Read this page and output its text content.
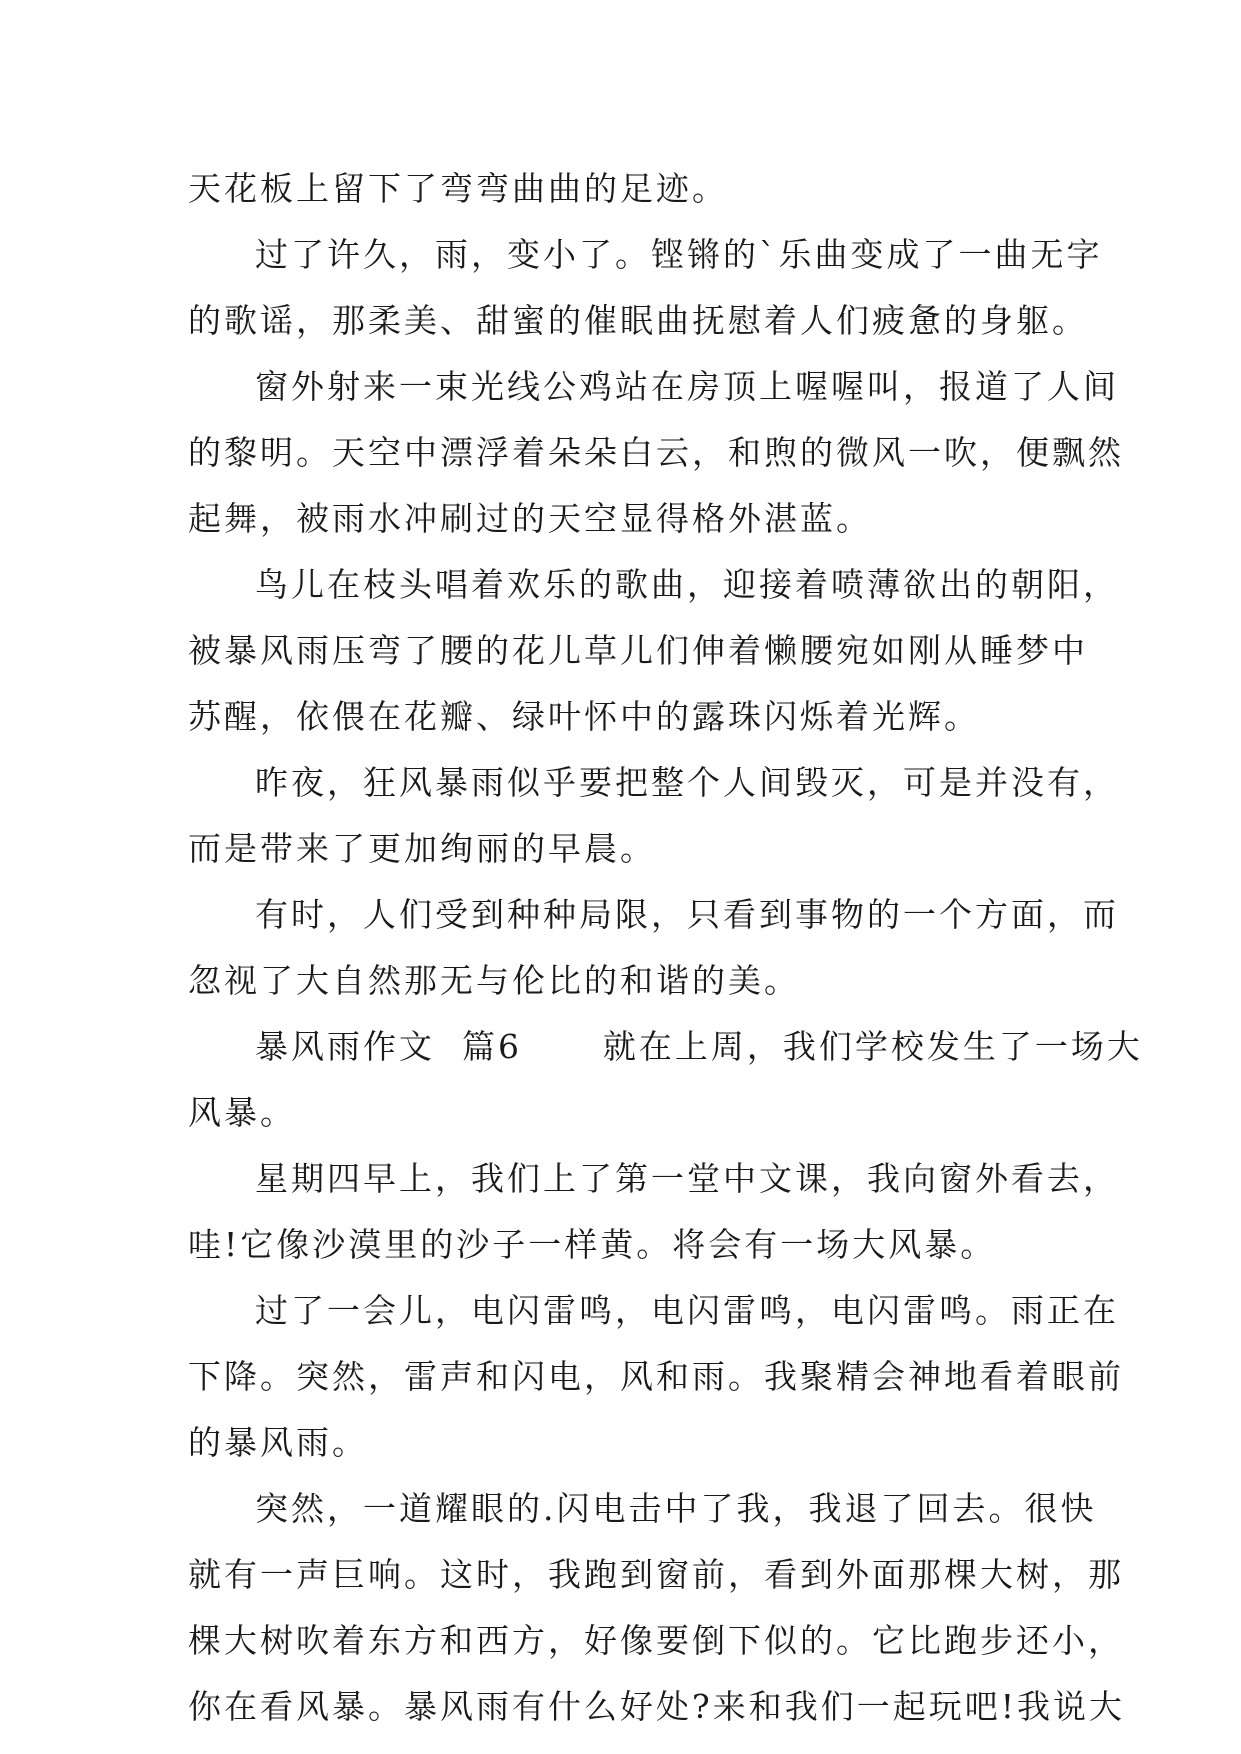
天花板上留下了弯弯曲曲的足迹。
过了许久，雨，变小了。铿锵的`乐曲变成了一曲无字
的歌谣，那柔美、甜蜜的催眠曲抚慰着人们疲惫的身躯。
窗外射来一束光线公鸡站在房顶上喔喔叫，报道了人间
的黎明。天空中漂浮着朵朵白云，和煦的微风一吹，便飘然
起舞，被雨水冲刷过的天空显得格外湛蓝。
鸟儿在枝头唱着欢乐的歌曲，迎接着喷薄欲出的朝阳，
被暴风雨压弯了腰的花儿草儿们伸着懒腰宛如刚从睡梦中
苏醒，依偎在花瓣、绿叶怀中的露珠闪烁着光辉。
昨夜，狂风暴雨似乎要把整个人间毁灭，可是并没有，
而是带来了更加绚丽的早晨。
有时，人们受到种种局限，只看到事物的一个方面，而
忽视了大自然那无与伦比的和谐的美。
暴风雨作文  篇6      就在上周，我们学校发生了一场大
风暴。
星期四早上，我们上了第一堂中文课，我向窗外看去，
哇!它像沙漠里的沙子一样黄。将会有一场大风暴。
过了一会儿，电闪雷鸣，电闪雷鸣，电闪雷鸣。雨正在
下降。突然，雷声和闪电，风和雨。我聚精会神地看着眼前
的暴风雨。
突然，一道耀眼的.闪电击中了我，我退了回去。很快
就有一声巨响。这时，我跑到窗前，看到外面那棵大树，那
棵大树吹着东方和西方，好像要倒下似的。它比跑步还小，
你在看风暴。暴风雨有什么好处?来和我们一起玩吧!我说大
